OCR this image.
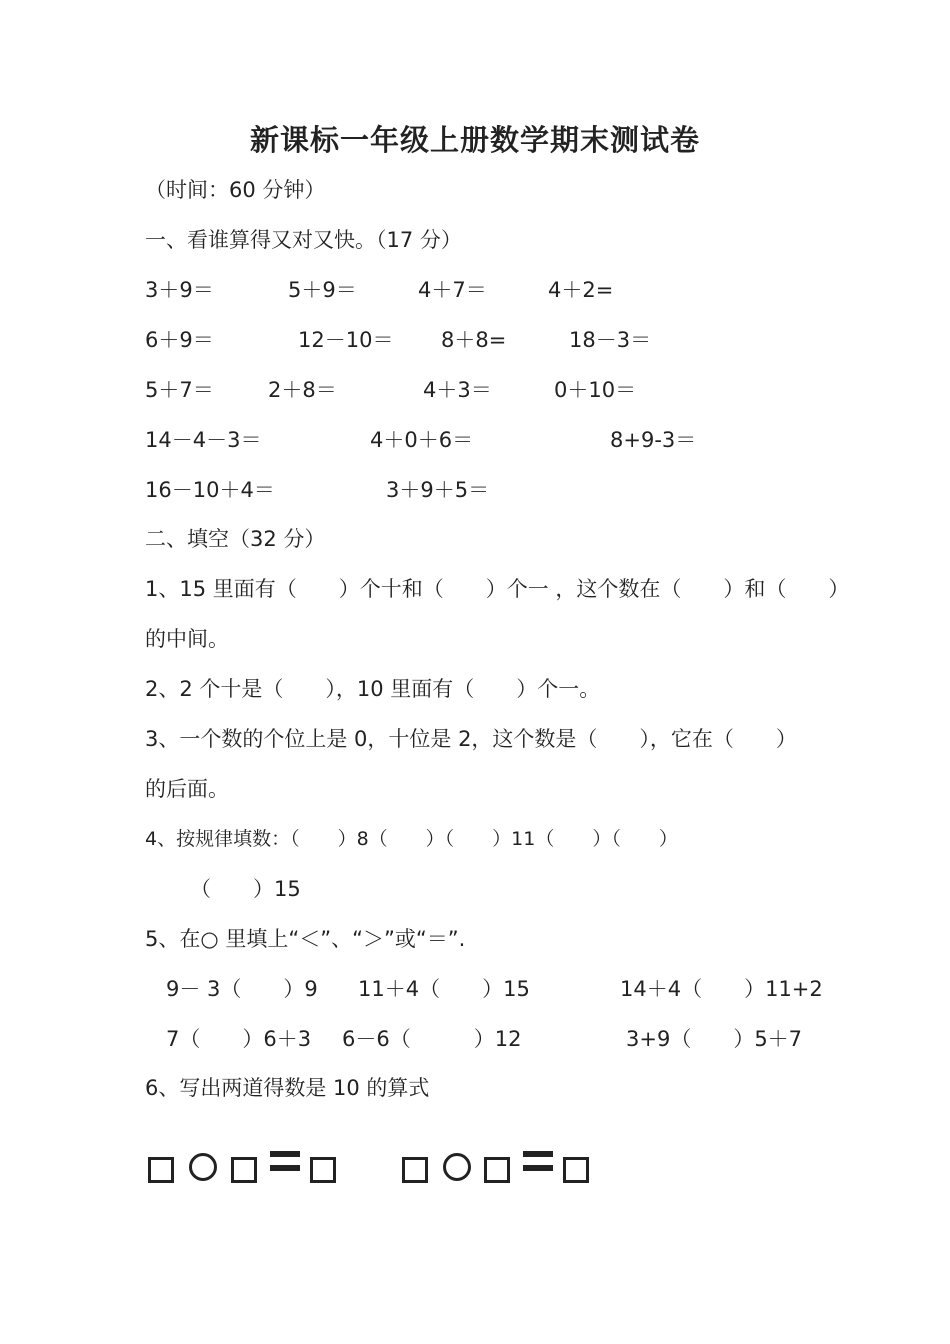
新课标一年级上册数学期末测试卷
（时间：60 分钟）
一、看谁算得又对又快。（17 分）
3＋9＝	5＋9＝	4＋7＝	4＋2=
6＋9＝	12－10＝ 8＋8=	18－3＝
5＋7＝	2＋8＝	4＋3＝	0＋10＝
14－4－3＝	4＋0＋6＝	8+9-3＝
16－10＋4＝	3＋9＋5＝
二、填空（32 分）
1、15 里面有（　　）个十和（　　）个一 ，这个数在（　　）和（　　）
的中间。
2、2 个十是（　　），10 里面有（　　）个一。
3、一个数的个位上是 0，十位是 2，这个数是（　　），它在（　　）
的后面。
4、按规律填数：（　　）8（　　）（　　）11（　　）（　　）
（　　）15
5、在○ 里填上“＜”、“＞”或“＝”.
9－ 3（　　）9 11＋4（　　）15	14＋4（　　）11+2
7（　　）6＋3 6－6（　　　）12	3+9（　　）5＋7
6、写出两道得数是 10 的算式
